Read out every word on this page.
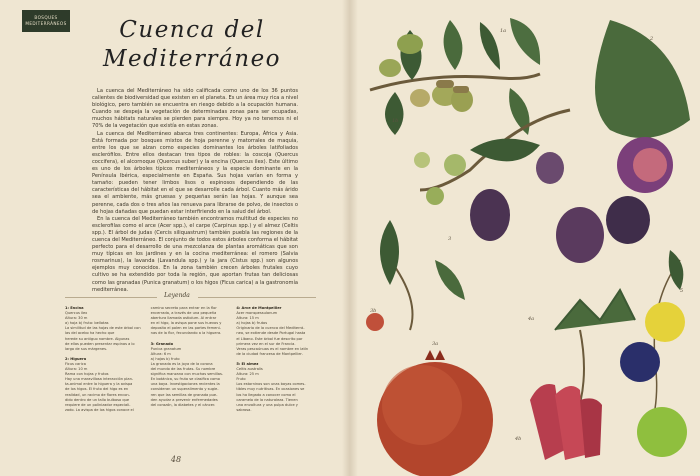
BOSQUES
MEDITERRÁNEOS	Cuenca del
Mediterráneo

La cuenca del Mediterráneo ha sido calificada como uno de los 36 puntos calientes de biodiversidad que existen en el planeta. Es un área muy rica a nivel biológico, pero también se encuentra en riesgo debido a la ocupación humana. Cuando se despeja la vegetación de determinadas zonas para ser ocupadas, muchos hábitats naturales se pierden para siempre. Hoy ya no tenemos ni el 70% de la vegetación que existía en estas zonas.

La cuenca del Mediterráneo abarca tres continentes: Europa, África y Asia. Está formada por bosques mixtos de hoja perenne y matorrales de maquia, entre los que se alzan como especies dominantes los árboles latifoliados esclerófilos. Entre ellos destacan tres tipos de robles: la coscoja (Quercus coccifera), el alcornoque (Quercus suber) y la encina (Quercus ilex). Este último es uno de los árboles típicos mediterráneos y la especie dominante en la Península Ibérica, especialmente en España. Sus hojas varían en forma y tamaño: pueden tener limbos lisos o espinosos dependiendo de las características del hábitat en el que se desarrolle cada árbol. Cuanto más árido sea el ambiente, más gruesas y pequeñas serán las hojas. Y aunque sea perenne, cada dos o tres años las renueva para librarse de polvo, de insectos o de hojas dañadas que puedan estar interfiriendo en la salud del árbol.

En la cuenca del Mediterráneo también encontramos multitud de especies no esclerofilas como el arce (Acer spp.), el carpe (Carpinus spp.) y el almez (Celtis spp.). El árbol de judas (Cercis siliquastrum) también puebla las regiones de la cuenca del Mediterráneo. El conjunto de todos estos árboles conforma el hábitat perfecto para el desarrollo de una mezcolanza de plantas aromáticas que son muy típicas en los jardines y en la cocina mediterránea: el romero (Salvia rosmarinus), la lavanda (Lavandula spp.) y la jara (Cistus spp.) son algunos ejemplos muy conocidos. En la zona también crecen árboles frutales cuyo cultivo se ha extendido por toda la región, que aportan frutas tan deliciosas como las granadas (Punica granatum) o los higos (Ficus carica) a la gastronomía mediterránea.

Leyenda
1: Encina
Quercus ilex
Altura: 30 m
a) hoja b) fruto: bellotas
La similitud de las hojas de este árbol con las del acebo ha hecho que
herede su antiguo nombre. Algunas
de ellas pueden presentar espinas a lo
largo de sus márgenes.

2: Higuera
Ficus carica
Altura: 10 m
Rama con hojas y frutos
Hay una maravillosa interacción plan-
ta-animal entre la higuera y la avispa
de los higos. El fruto del higo es en
realidad, un racimo de flores encon-
dido dentro de un tallo bulboso que
requiere de un polinizador especiali-
zado. La avispa de los higos conoce el

camino secreto para entrar en la flor
encerrada, a través de una pequeña
abertura llamada ostiolum. Al entrar
en el higo, la avispa pone sus huevos y
deposita el polen en las partes femeni-
nas de la flor, fecundando a la higuera.

3: Granado
Punica granatum
Altura: 6 m
a) hojas b) fruto
La granada es la joya de la corona
del mundo de las frutas. Su nombre
significa manzana con muchas semillas.
En botánica, su fruto se clasifica como
una baya. Investigaciones recientes la
consideran un superalimento y sugie-
ren que las semillas de granada pue-
den ayudar a prevenir enfermedades
del corazón, la diabetes y el cáncer.

4: Arce de Montpellier
Acer monspessulanum
Altura: 15 m
a) hojas b) frutos
Originario de la cuenca del Mediterrá-
neo, se extiende desde Portugal hasta
el Líbano. Este árbol fue descrito por
primera vez en el sur de Francia.
Veras pescaúnuas es el nombre en latín
de la ciudad francesa de Montpellier.

5: El almez
Celtis australis
Altura: 25 m
Fruto
Los estorninos son unas bayas comes-
tibles muy nutritivas. En ocasiones se
los ha llegado a conocer como el
caramelo de la naturaleza. Tienen
una envoltura y una pulpa dulce y
sabrosa.

48
1a
1b
2
3
3a
3b
4a
4b
5
